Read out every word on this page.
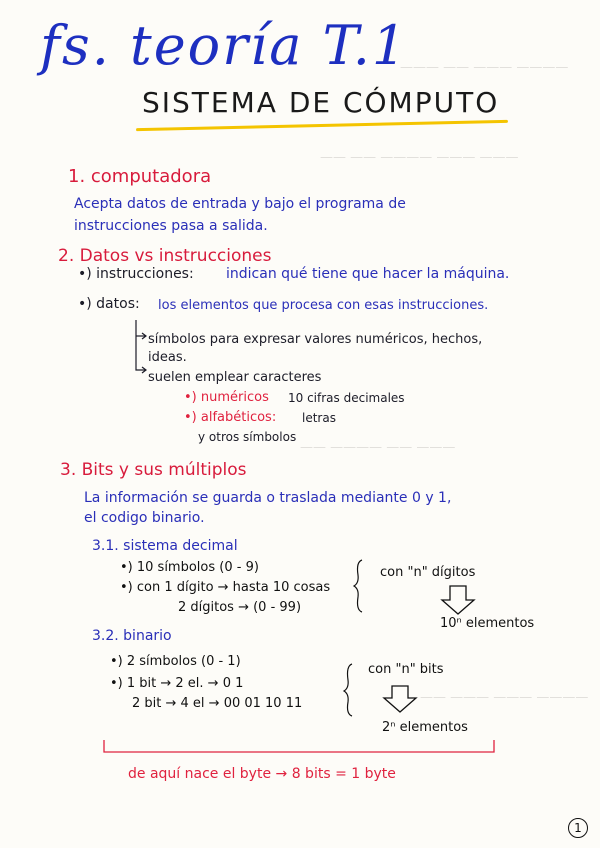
———— ——— —— ———
——— ——— ———— —— ——
——— —— ———— ——
———— ——— ——— ——
fs. teoría T.1
SISTEMA DE CÓMPUTO
1. computadora
Acepta datos de entrada y bajo el programa de
instrucciones pasa a salida.
2. Datos vs instrucciones
•) instrucciones: indican qué tiene que hacer la máquina.
•) datos: los elementos que procesa con esas instrucciones.
símbolos para expresar valores numéricos, hechos,
ideas.
suelen emplear caracteres
•) numéricos 10 cifras decimales
•) alfabéticos: letras
y otros símbolos
3. Bits y sus múltiplos
La información se guarda o traslada mediante 0 y 1,
el codigo binario.
3.1. sistema decimal
•) 10 símbolos (0 - 9)
•) con 1 dígito → hasta 10 cosas
2 dígitos → (0 - 99)
con "n" dígitos
10ⁿ elementos
3.2. binario
•) 2 símbolos (0 - 1)
•) 1 bit → 2 el. → 0 1
2 bit → 4 el → 00 01 10 11
con "n" bits
2ⁿ elementos
de aquí nace el byte → 8 bits = 1 byte
1
